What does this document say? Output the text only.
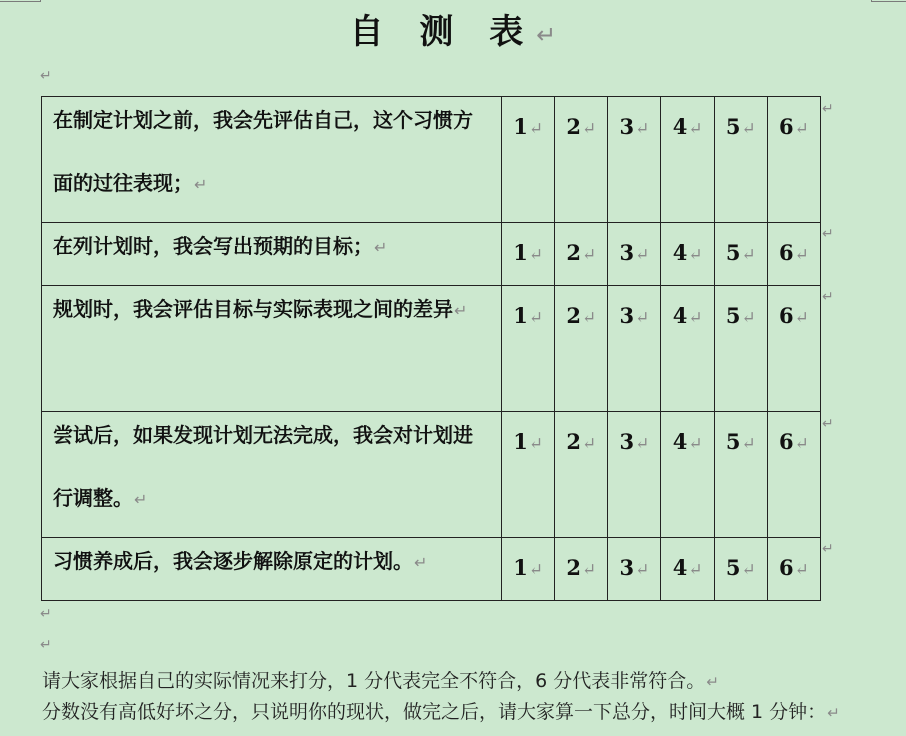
自 测 表↵
↵
在制定计划之前，我会先评估自己，这个习惯方面的过往表现；↵	1↵	2↵	3↵	4↵	5↵	6↵

在列计划时，我会写出预期的目标；↵	1↵	2↵	3↵	4↵	5↵	6↵

规划时，我会评估目标与实际表现之间的差异↵	1↵	2↵	3↵	4↵	5↵	6↵

尝试后，如果发现计划无法完成，我会对计划进行调整。↵	1↵	2↵	3↵	4↵	5↵	6↵

习惯养成后，我会逐步解除原定的计划。↵	1↵	2↵	3↵	4↵	5↵	6↵
↵
↵
↵
↵
↵
↵
↵
请大家根据自己的实际情况来打分，1 分代表完全不符合，6 分代表非常符合。↵
分数没有高低好坏之分，只说明你的现状，做完之后，请大家算一下总分，时间大概 1 分钟：↵
